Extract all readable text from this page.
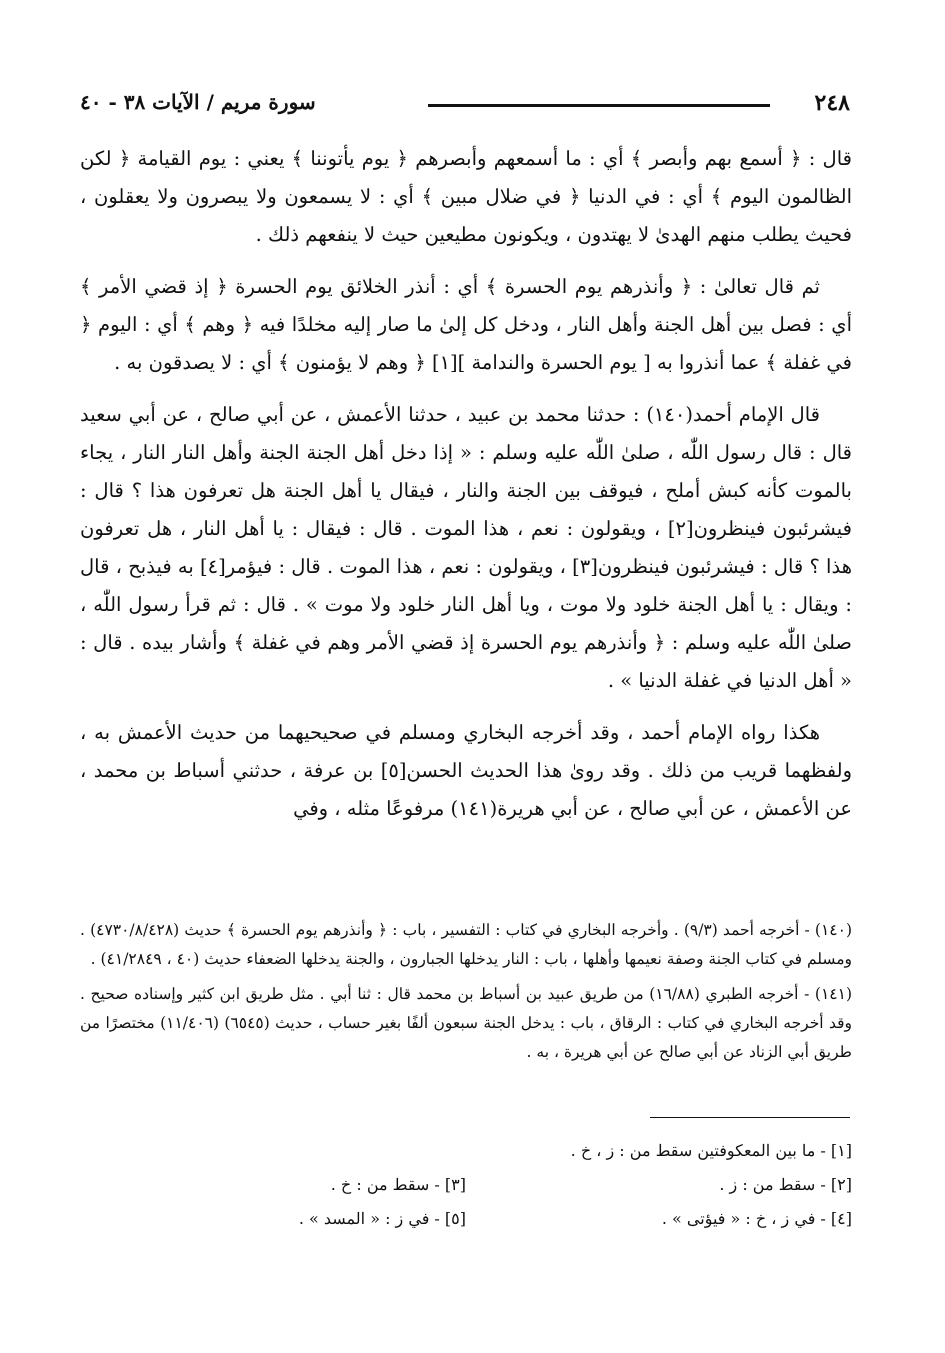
٢٤٨
سورة مريم / الآيات ٣٨ - ٤٠

قال : ﴿ أسمع بهم وأبصر ﴾ أي : ما أسمعهم وأبصرهم ﴿ يوم يأتوننا ﴾ يعني : يوم القيامة ﴿ لكن الظالمون اليوم ﴾ أي : في الدنيا ﴿ في ضلال مبين ﴾ أي : لا يسمعون ولا يبصرون ولا يعقلون ، فحيث يطلب منهم الهدىٰ لا يهتدون ، ويكونون مطيعين حيث لا ينفعهم ذلك .

ثم قال تعالىٰ : ﴿ وأنذرهم يوم الحسرة ﴾ أي : أنذر الخلائق يوم الحسرة ﴿ إذ قضي الأمر ﴾ أي : فصل بين أهل الجنة وأهل النار ، ودخل كل إلىٰ ما صار إليه مخلدًا فيه ﴿ وهم ﴾ أي : اليوم ﴿ في غفلة ﴾ عما أنذروا به [ يوم الحسرة والندامة ][١] ﴿ وهم لا يؤمنون ﴾ أي : لا يصدقون به .

قال الإمام أحمد(١٤٠) : حدثنا محمد بن عبيد ، حدثنا الأعمش ، عن أبي صالح ، عن أبي سعيد قال : قال رسول اللّٰه ، صلىٰ اللّٰه عليه وسلم : « إذا دخل أهل الجنة الجنة وأهل النار النار ، يجاء بالموت كأنه كبش أملح ، فيوقف بين الجنة والنار ، فيقال يا أهل الجنة هل تعرفون هذا ؟ قال : فيشرئبون فينظرون[٢] ، ويقولون : نعم ، هذا الموت . قال : فيقال : يا أهل النار ، هل تعرفون هذا ؟ قال : فيشرئبون فينظرون[٣] ، ويقولون : نعم ، هذا الموت . قال : فيؤمر[٤] به فيذبح ، قال : ويقال : يا أهل الجنة خلود ولا موت ، ويا أهل النار خلود ولا موت » . قال : ثم قرأ رسول اللّٰه ، صلىٰ اللّٰه عليه وسلم : ﴿ وأنذرهم يوم الحسرة إذ قضي الأمر وهم في غفلة ﴾ وأشار بيده . قال : « أهل الدنيا في غفلة الدنيا » .

هكذا رواه الإمام أحمد ، وقد أخرجه البخاري ومسلم في صحيحيهما من حديث الأعمش به ، ولفظهما قريب من ذلك . وقد روىٰ هذا الحديث الحسن[٥] بن عرفة ، حدثني أسباط بن محمد ، عن الأعمش ، عن أبي صالح ، عن أبي هريرة(١٤١) مرفوعًا مثله ، وفي

(١٤٠) - أخرجه أحمد (٩/٣) . وأخرجه البخاري في كتاب : التفسير ، باب : ﴿ وأنذرهم يوم الحسرة ﴾ حديث (٤٧٣٠/٨/٤٢٨) . ومسلم في كتاب الجنة وصفة نعيمها وأهلها ، باب : النار يدخلها الجبارون ، والجنة يدخلها الضعفاء حديث (٤٠ ، ٤١/٢٨٤٩) .

(١٤١) - أخرجه الطبري (١٦/٨٨) من طريق عبيد بن أسباط بن محمد قال : ثنا أبي . مثل طريق ابن كثير وإسناده صحيح . وقد أخرجه البخاري في كتاب : الرقاق ، باب : يدخل الجنة سبعون ألفًا بغير حساب ، حديث (٦٥٤٥) (١١/٤٠٦) مختصرًا من طريق أبي الزناد عن أبي صالح عن أبي هريرة ، به .

[١] - ما بين المعكوفتين سقط من : ز ، خ .
[٢] - سقط من : ز .
[٣] - سقط من : خ .
[٤] - في ز ، خ : « فيؤتى » .
[٥] - في ز : « المسد » .
